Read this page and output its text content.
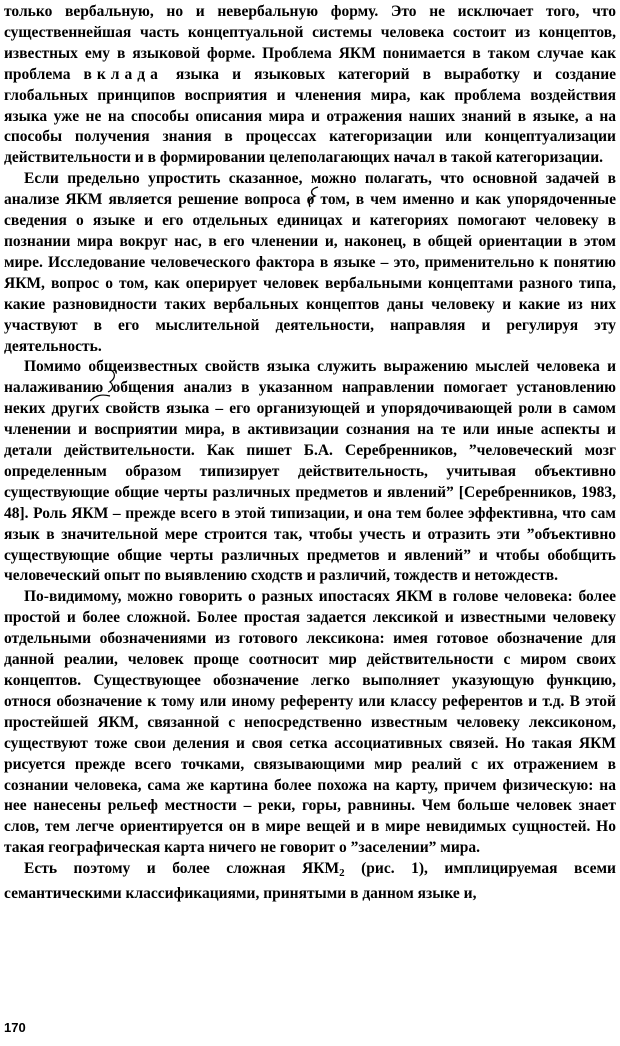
только вербальную, но и невербальную форму. Это не исключает того, что существеннейшая часть концептуальной системы человека состоит из концептов, известных ему в языковой форме. Проблема ЯКМ понимается в таком случае как проблема вклада языка и языковых категорий в выработку и создание глобальных принципов восприятия и членения мира, как проблема воздействия языка уже не на способы описания мира и отражения наших знаний в языке, а на способы получения знания в процессах категоризации или концептуализации действительности и в формировании целеполагающих начал в такой категоризации.

Если предельно упростить сказанное, можно полагать, что основной задачей в анализе ЯКМ является решение вопроса о том, в чем именно и как упорядоченные сведения о языке и его отдельных единицах и категориях помогают человеку в познании мира вокруг нас, в его членении и, наконец, в общей ориентации в этом мире. Исследование человеческого фактора в языке – это, применительно к понятию ЯКМ, вопрос о том, как оперирует человек вербальными концептами разного типа, какие разновидности таких вербальных концептов даны человеку и какие из них участвуют в его мыслительной деятельности, направляя и регулируя эту деятельность.

Помимо общеизвестных свойств языка служить выражению мыслей человека и налаживанию общения анализ в указанном направлении помогает установлению неких других свойств языка – его организующей и упорядочивающей роли в самом членении и восприятии мира, в активизации сознания на те или иные аспекты и детали действительности. Как пишет Б.А. Серебренников, ”человеческий мозг определенным образом типизирует действительность, учитывая объективно существующие общие черты различных предметов и явлений” [Серебренников, 1983, 48]. Роль ЯКМ – прежде всего в этой типизации, и она тем более эффективна, что сам язык в значительной мере строится так, чтобы учесть и отразить эти ”объективно существующие общие черты различных предметов и явлений” и чтобы обобщить человеческий опыт по выявлению сходств и различий, тождеств и нетождеств.

По-видимому, можно говорить о разных ипостасях ЯКМ в голове человека: более простой и более сложной. Более простая задается лексикой и известными человеку отдельными обозначениями из готового лексикона: имея готовое обозначение для данной реалии, человек проще соотносит мир действительности с миром своих концептов. Существующее обозначение легко выполняет указующую функцию, относя обозначение к тому или иному референту или классу референтов и т.д. В этой простейшей ЯКМ, связанной с непосредственно известным человеку лексиконом, существуют тоже свои деления и своя сетка ассоциативных связей. Но такая ЯКМ рисуется прежде всего точками, связывающими мир реалий с их отражением в сознании человека, сама же картина более похожа на карту, причем физическую: на нее нанесены рельеф местности – реки, горы, равнины. Чем больше человек знает слов, тем легче ориентируется он в мире вещей и в мире невидимых сущностей. Но такая географическая карта ничего не говорит о ”заселении” мира.

Есть поэтому и более сложная $ЯКМ_2$ (рис. 1), имплицируемая всеми семантическими классификациями, принятыми в данном языке и,

170
